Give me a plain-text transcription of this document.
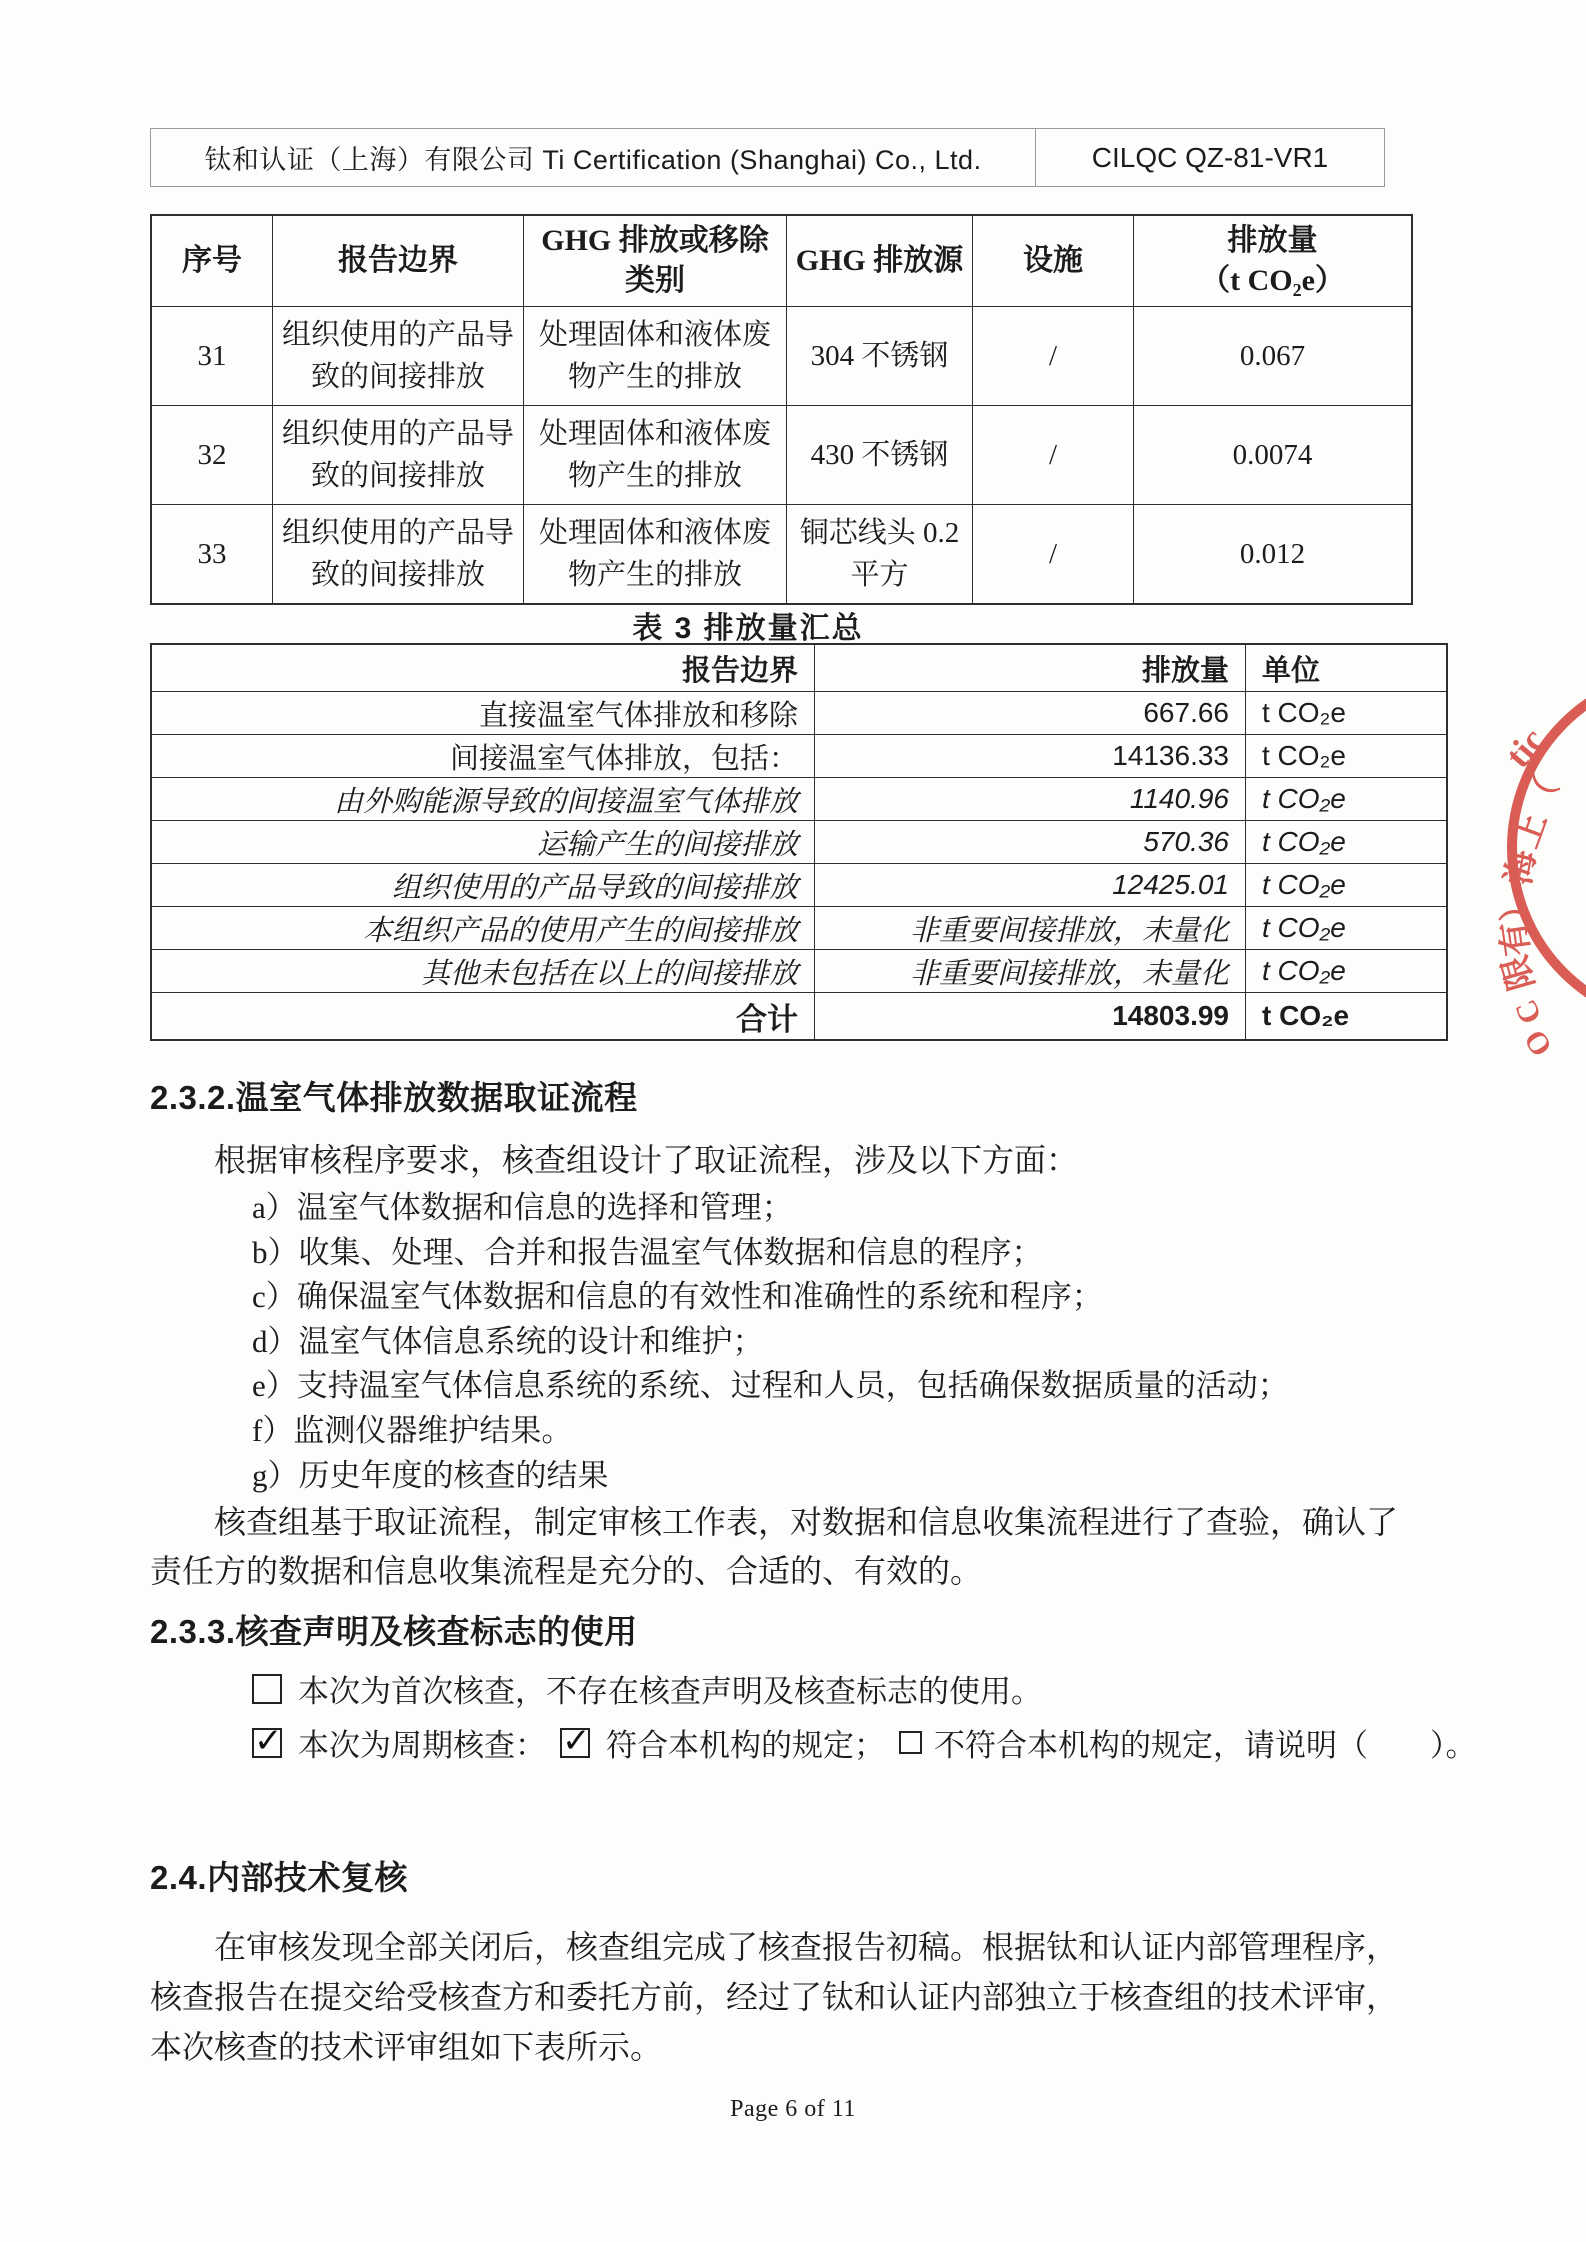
钛和认证（上海）有限公司 Ti Certification (Shanghai) Co., Ltd.	CILQC QZ-81-VR1
序号	报告边界	GHG 排放或移除类别	GHG 排放源	设施	排放量
（t CO₂e）

31	组织使用的产品导致的间接排放	处理固体和液体废物产生的排放	304 不锈钢	/	0.067
32	组织使用的产品导致的间接排放	处理固体和液体废物产生的排放	430 不锈钢	/	0.0074
33	组织使用的产品导致的间接排放	处理固体和液体废物产生的排放	铜芯线头 0.2 平方	/	0.012
表 3 排放量汇总
报告边界	排放量	单位
直接温室气体排放和移除	667.66	t CO₂e
间接温室气体排放，包括：	14136.33	t CO₂e
由外购能源导致的间接温室气体排放	1140.96	t CO₂e
运输产生的间接排放	570.36	t CO₂e
组织使用的产品导致的间接排放	12425.01	t CO₂e
本组织产品的使用产生的间接排放	非重要间接排放，未量化	t CO₂e
其他未包括在以上的间接排放	非重要间接排放，未量化	t CO₂e
合计	14803.99	t CO₂e
2.3.2.温室气体排放数据取证流程
根据审核程序要求，核查组设计了取证流程，涉及以下方面：
a）温室气体数据和信息的选择和管理；
b）收集、处理、合并和报告温室气体数据和信息的程序；
c）确保温室气体数据和信息的有效性和准确性的系统和程序；
d）温室气体信息系统的设计和维护；
e）支持温室气体信息系统的系统、过程和人员，包括确保数据质量的活动；
f）监测仪器维护结果。
g）历史年度的核查的结果
核查组基于取证流程，制定审核工作表，对数据和信息收集流程进行了查验，确认了
责任方的数据和信息收集流程是充分的、合适的、有效的。
2.3.3.核查声明及核查标志的使用
本次为首次核查，不存在核查声明及核查标志的使用。
✓
本次为周期核查： ✓ 符合本机构的规定； 不符合本机构的规定，请说明（　　）。
2.4.内部技术复核
在审核发现全部关闭后，核查组完成了核查报告初稿。根据钛和认证内部管理程序，
核查报告在提交给受核查方和委托方前，经过了钛和认证内部独立于核查组的技术评审，
本次核查的技术评审组如下表所示。
Page 6 of 11
tic
（
上
海
）
有
限
C
O
